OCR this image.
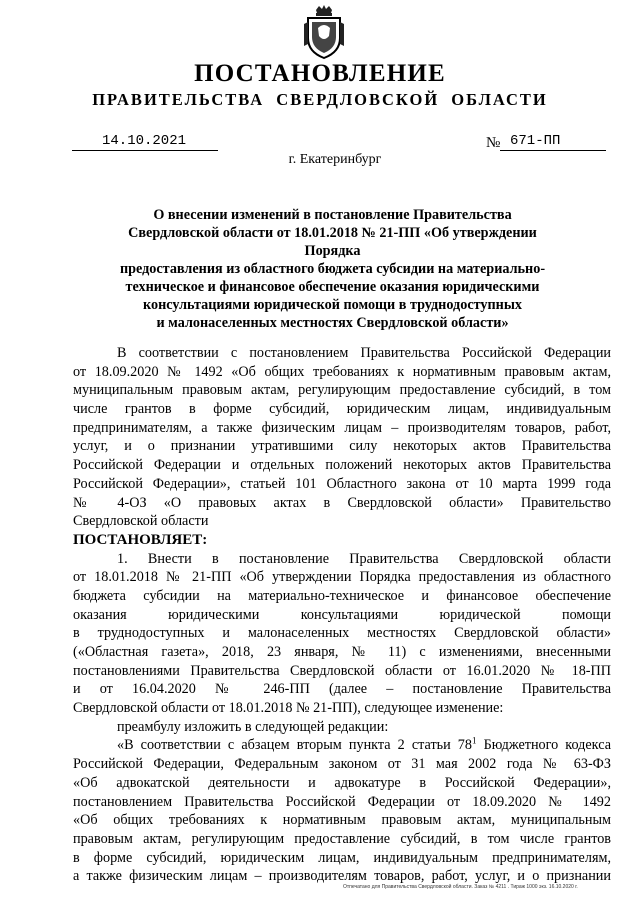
ПОСТАНОВЛЕНИЕ
ПРАВИТЕЛЬСТВА СВЕРДЛОВСКОЙ ОБЛАСТИ
14.10.2021	№ 671-ПП
г. Екатеринбург
О внесении изменений в постановление Правительства
Свердловской области от 18.01.2018 № 21-ПП «Об утверждении Порядка
предоставления из областного бюджета субсидии на материально-
техническое и финансовое обеспечение оказания юридическими
консультациями юридической помощи в труднодоступных
и малонаселенных местностях Свердловской области»
В соответствии с постановлением Правительства Российской Федерации
от 18.09.2020 № 1492 «Об общих требованиях к нормативным правовым актам,
муниципальным правовым актам, регулирующим предоставление субсидий, в том
числе грантов в форме субсидий, юридическим лицам, индивидуальным
предпринимателям, а также физическим лицам – производителям товаров, работ,
услуг, и о признании утратившими силу некоторых актов Правительства
Российской Федерации и отдельных положений некоторых актов Правительства
Российской Федерации», статьей 101 Областного закона от 10 марта 1999 года
№ 4-ОЗ «О правовых актах в Свердловской области» Правительство
Свердловской области
ПОСТАНОВЛЯЕТ:
1. Внести в постановление Правительства Свердловской области
от 18.01.2018 № 21-ПП «Об утверждении Порядка предоставления из областного
бюджета субсидии на материально-техническое и финансовое обеспечение
оказания юридическими консультациями юридической помощи
в труднодоступных и малонаселенных местностях Свердловской области»
(«Областная газета», 2018, 23 января, № 11) с изменениями, внесенными
постановлениями Правительства Свердловской области от 16.01.2020 № 18-ПП
и от 16.04.2020 № 246-ПП (далее – постановление Правительства
Свердловской области от 18.01.2018 № 21-ПП), следующее изменение:
преамбулу изложить в следующей редакции:
«В соответствии с абзацем вторым пункта 2 статьи $78^1$ Бюджетного кодекса
Российской Федерации, Федеральным законом от 31 мая 2002 года № 63-ФЗ
«Об адвокатской деятельности и адвокатуре в Российской Федерации»,
постановлением Правительства Российской Федерации от 18.09.2020 № 1492
«Об общих требованиях к нормативным правовым актам, муниципальным
правовым актам, регулирующим предоставление субсидий, в том числе грантов
в форме субсидий, юридическим лицам, индивидуальным предпринимателям,
а также физическим лицам – производителям товаров, работ, услуг, и о признании
Отпечатано для Правительства Свердловской области. Заказ № 4211 . Тираж 1000 экз. 16.10.2020 г.
